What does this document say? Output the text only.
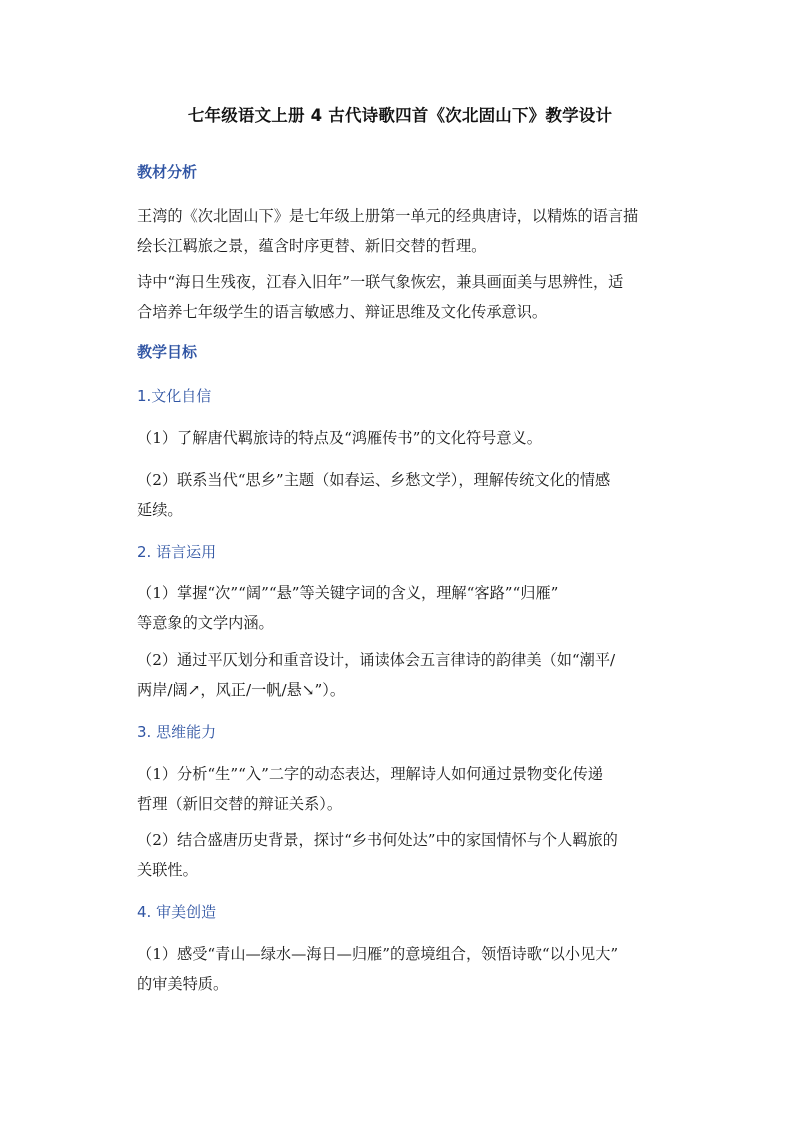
七年级语文上册 4 古代诗歌四首《次北固山下》教学设计
教材分析
王湾的《次北固山下》是七年级上册第一单元的经典唐诗，以精炼的语言描
绘长江羁旅之景，蕴含时序更替、新旧交替的哲理。
诗中“海日生残夜，江春入旧年”一联气象恢宏，兼具画面美与思辨性，适
合培养七年级学生的语言敏感力、辩证思维及文化传承意识。
教学目标
1.文化自信
（1）了解唐代羁旅诗的特点及“鸿雁传书”的文化符号意义。
（2）联系当代“思乡”主题（如春运、乡愁文学），理解传统文化的情感
延续。
2. 语言运用
（1）掌握“次”“阔”“悬”等关键字词的含义，理解“客路”“归雁”
等意象的文学内涵。
（2）通过平仄划分和重音设计，诵读体会五言律诗的韵律美（如“潮平/
两岸/阔↗，风正/一帆/悬↘”）。
3. 思维能力
（1）分析“生”“入”二字的动态表达，理解诗人如何通过景物变化传递
哲理（新旧交替的辩证关系）。
（2）结合盛唐历史背景，探讨“乡书何处达”中的家国情怀与个人羁旅的
关联性。
4. 审美创造
（1）感受“青山—绿水—海日—归雁”的意境组合，领悟诗歌“以小见大”
的审美特质。
